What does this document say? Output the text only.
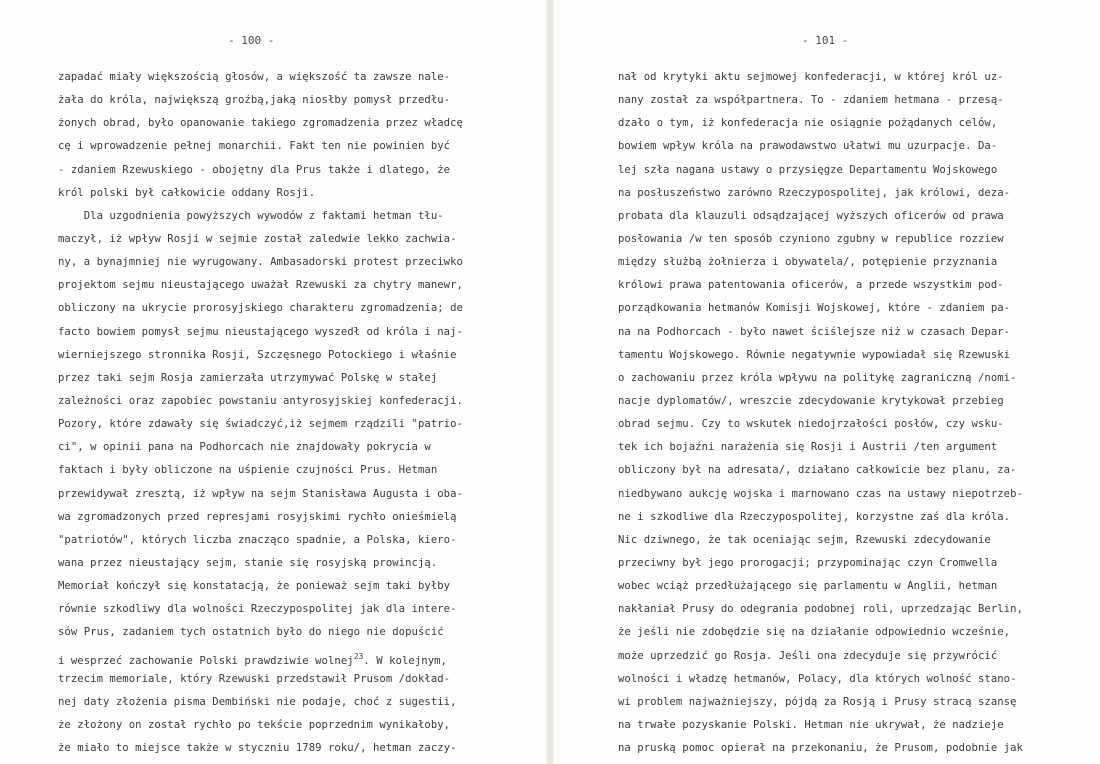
- 100 -
zapadać miały większością głosów, a większość ta zawsze nale-
żała do króla, największą groźbą,jaką niosłby pomysł przedłu-
żonych obrad, było opanowanie takiego zgromadzenia przez władcę
cę i wprowadzenie pełnej monarchii. Fakt ten nie powinien być
- zdaniem Rzewuskiego - obojętny dla Prus także i dlatego, że
król polski był całkowicie oddany Rosji.
Dla uzgodnienia powyższych wywodów z faktami hetman tłu-
maczył, iż wpływ Rosji w sejmie został zaledwie lekko zachwia-
ny, a bynajmniej nie wyrugowany. Ambasadorski protest przeciwko
projektom sejmu nieustającego uważał Rzewuski za chytry manewr,
obliczony na ukrycie prorosyjskiego charakteru zgromadzenia; de
facto bowiem pomysł sejmu nieustającego wyszedł od króla i naj-
wierniejszego stronnika Rosji, Szczęsnego Potockiego i właśnie
przez taki sejm Rosja zamierzała utrzymywać Polskę w stałej
zależności oraz zapobiec powstaniu antyrosyjskiej konfederacji.
Pozory, które zdawały się świadczyć,iż sejmem rządzili "patrio-
ci", w opinii pana na Podhorcach nie znajdowały pokrycia w
faktach i były obliczone na uśpienie czujności Prus. Hetman
przewidywał zresztą, iż wpływ na sejm Stanisława Augusta i oba-
wa zgromadzonych przed represjami rosyjskimi rychło onieśmielą
"patriotów", których liczba znacząco spadnie, a Polska, kiero-
wana przez nieustający sejm, stanie się rosyjską prowincją.
Memoriał kończył się konstatacją, że ponieważ sejm taki byłby
równie szkodliwy dla wolności Rzeczypospolitej jak dla intere-
sów Prus, zadaniem tych ostatnich było do niego nie dopuścić
i wesprzeć zachowanie Polski prawdziwie wolnej$^{23}$. W kolejnym,
trzecim memoriale, który Rzewuski przedstawił Prusom /dokład-
nej daty złożenia pisma Dembiński nie podaje, choć z sugestii,
że złożony on został rychło po tekście poprzednim wynikałoby,
że miało to miejsce także w styczniu 1789 roku/, hetman zaczy-
- 101 -
nał od krytyki aktu sejmowej konfederacji, w której król uz-
nany został za współpartnera. To - zdaniem hetmana - przesą-
dzało o tym, iż konfederacja nie osiągnie pożądanych celów,
bowiem wpływ króla na prawodawstwo ułatwi mu uzurpacje. Da-
lej szła nagana ustawy o przysięgze Departamentu Wojskowego
na posłuszeństwo zarówno Rzeczypospolitej, jak królowi, deza-
probata dla klauzuli odsądzającej wyższych oficerów od prawa
posłowania /w ten sposób czyniono zgubny w republice rozziew
między służbą żołnierza i obywatela/, potępienie przyznania
królowi prawa patentowania oficerów, a przede wszystkim pod-
porządkowania hetmanów Komisji Wojskowej, które - zdaniem pa-
na na Podhorcach - było nawet ściślejsze niż w czasach Depar-
tamentu Wojskowego. Równie negatywnie wypowiadał się Rzewuski
o zachowaniu przez króla wpływu na politykę zagraniczną /nomi-
nacje dyplomatów/, wreszcie zdecydowanie krytykował przebieg
obrad sejmu. Czy to wskutek niedojrzałości posłów, czy wsku-
tek ich bojaźni narażenia się Rosji i Austrii /ten argument
obliczony był na adresata/, działano całkowicie bez planu, za-
niedbywano aukcję wojska i marnowano czas na ustawy niepotrzeb-
ne i szkodliwe dla Rzeczypospolitej, korzystne zaś dla króla.
Nic dziwnego, że tak oceniając sejm, Rzewuski zdecydowanie
przeciwny był jego prorogacji; przypominając czyn Cromwella
wobec wciąż przedłużającego się parlamentu w Anglii, hetman
nakłaniał Prusy do odegrania podobnej roli, uprzedzając Berlin,
że jeśli nie zdobędzie się na działanie odpowiednio wcześnie,
może uprzedzić go Rosja. Jeśli ona zdecyduje się przywrócić
wolności i władzę hetmanów, Polacy, dla których wolność stano-
wi problem najważniejszy, pójdą za Rosją i Prusy stracą szansę
na trwałe pozyskanie Polski. Hetman nie ukrywał, że nadzieje
na pruską pomoc opierał na przekonaniu, że Prusom, podobnie jak
